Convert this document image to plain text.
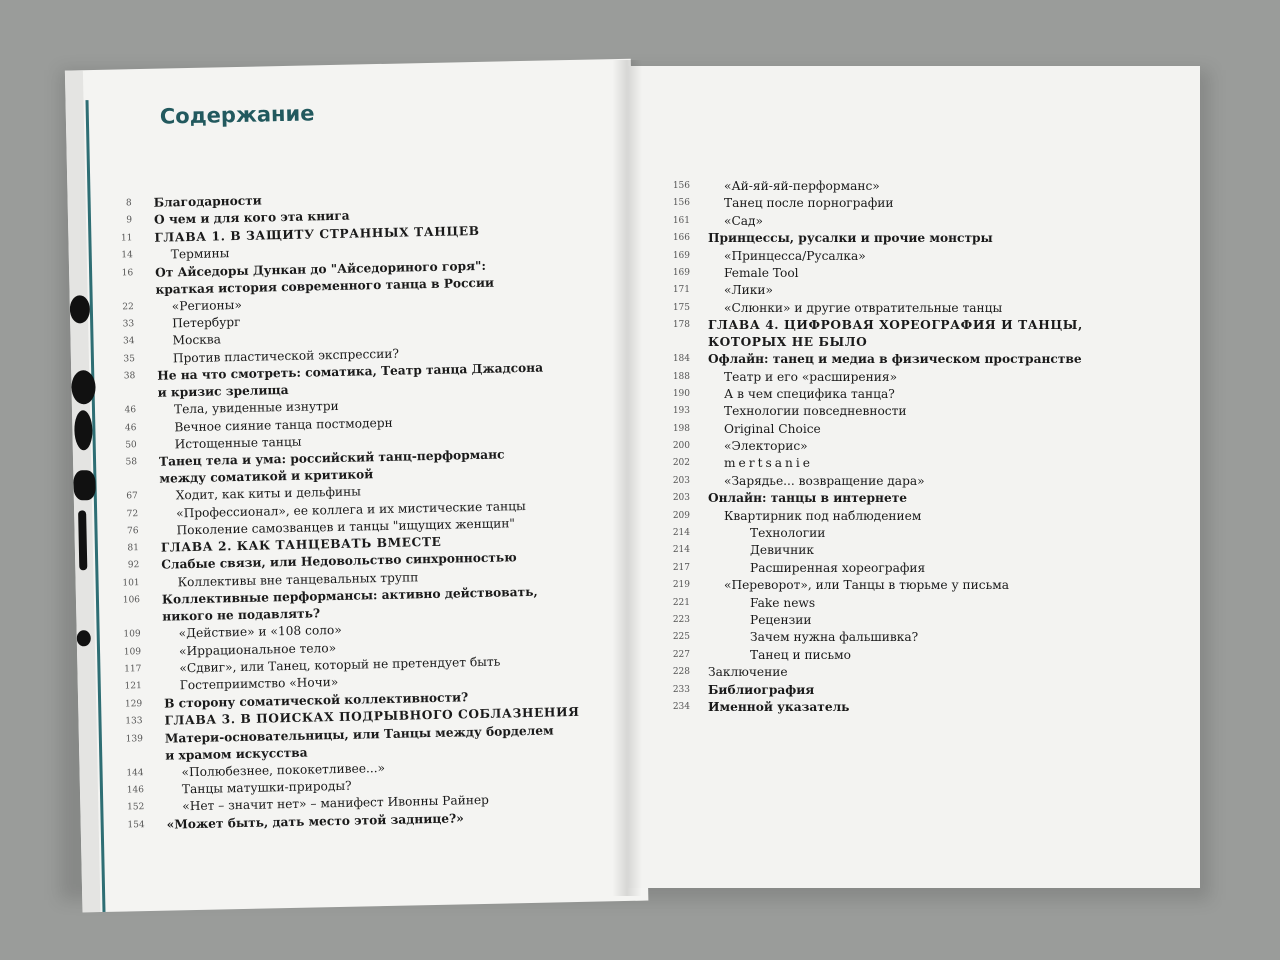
Содержание
8 Благодарности
9 О чем и для кого эта книга
11 ГЛАВА 1. В ЗАЩИТУ СТРАННЫХ ТАНЦЕВ
14	Термины
16 От Айседоры Дункан до "Айседориного горя": краткая история современного танца в России
22	«Регионы»
33	Петербург
34	Москва
35	Против пластической экспрессии?
38 Не на что смотреть: соматика, Театр танца Джадсона и кризис зрелища
46	Тела, увиденные изнутри
46	Вечное сияние танца постмодерн
50	Истощенные танцы
58 Танец тела и ума: российский танц-перформанс между соматикой и критикой
67	Ходит, как киты и дельфины
72	«Профессионал», ее коллега и их мистические танцы
76	Поколение самозванцев и танцы "ищущих женщин"
81 ГЛАВА 2. КАК ТАНЦЕВАТЬ ВМЕСТЕ
92 Слабые связи, или Недовольство синхронностью
101	Коллективы вне танцевальных трупп
106 Коллективные перформансы: активно действовать, никого не подавлять?
109	«Действие» и «108 соло»
109	«Иррациональное тело»
117	«Сдвиг», или Танец, который не претендует быть
121	Гостеприимство «Ночи»
129 В сторону соматической коллективности?
133 ГЛАВА 3. В ПОИСКАХ ПОДРЫВНОГО СОБЛАЗНЕНИЯ
139 Матери-основательницы, или Танцы между борделем и храмом искусства
144	«Полюбезнее, пококетливее...»
146	Танцы матушки-природы?
152	«Нет – значит нет» – манифест Ивонны Райнер
154 «Может быть, дать место этой заднице?»
156	«Ай-яй-яй-перформанс»
156	Танец после порнографии
161	«Сад»
166 Принцессы, русалки и прочие монстры
169	«Принцесса/Русалка»
169	Female Tool
171	«Лики»
175	«Слюнки» и другие отвратительные танцы
178 ГЛАВА 4. ЦИФРОВАЯ ХОРЕОГРАФИЯ И ТАНЦЫ, КОТОРЫХ НЕ БЫЛО
184 Офлайн: танец и медиа в физическом пространстве
188	Театр и его «расширения»
190	А в чем специфика танца?
193	Технологии повседневности
198	Original Choice
200	«Электорис»
202	mertsanie
203	«Зарядье... возвращение дара»
203 Онлайн: танцы в интернете
209	Квартирник под наблюдением
214	Технологии
214	Девичник
217	Расширенная хореография
219	«Переворот», или Танцы в тюрьме у письма
221	Fake news
223	Рецензии
225	Зачем нужна фальшивка?
227	Танец и письмо
228 Заключение
233 Библиография
234 Именной указатель
